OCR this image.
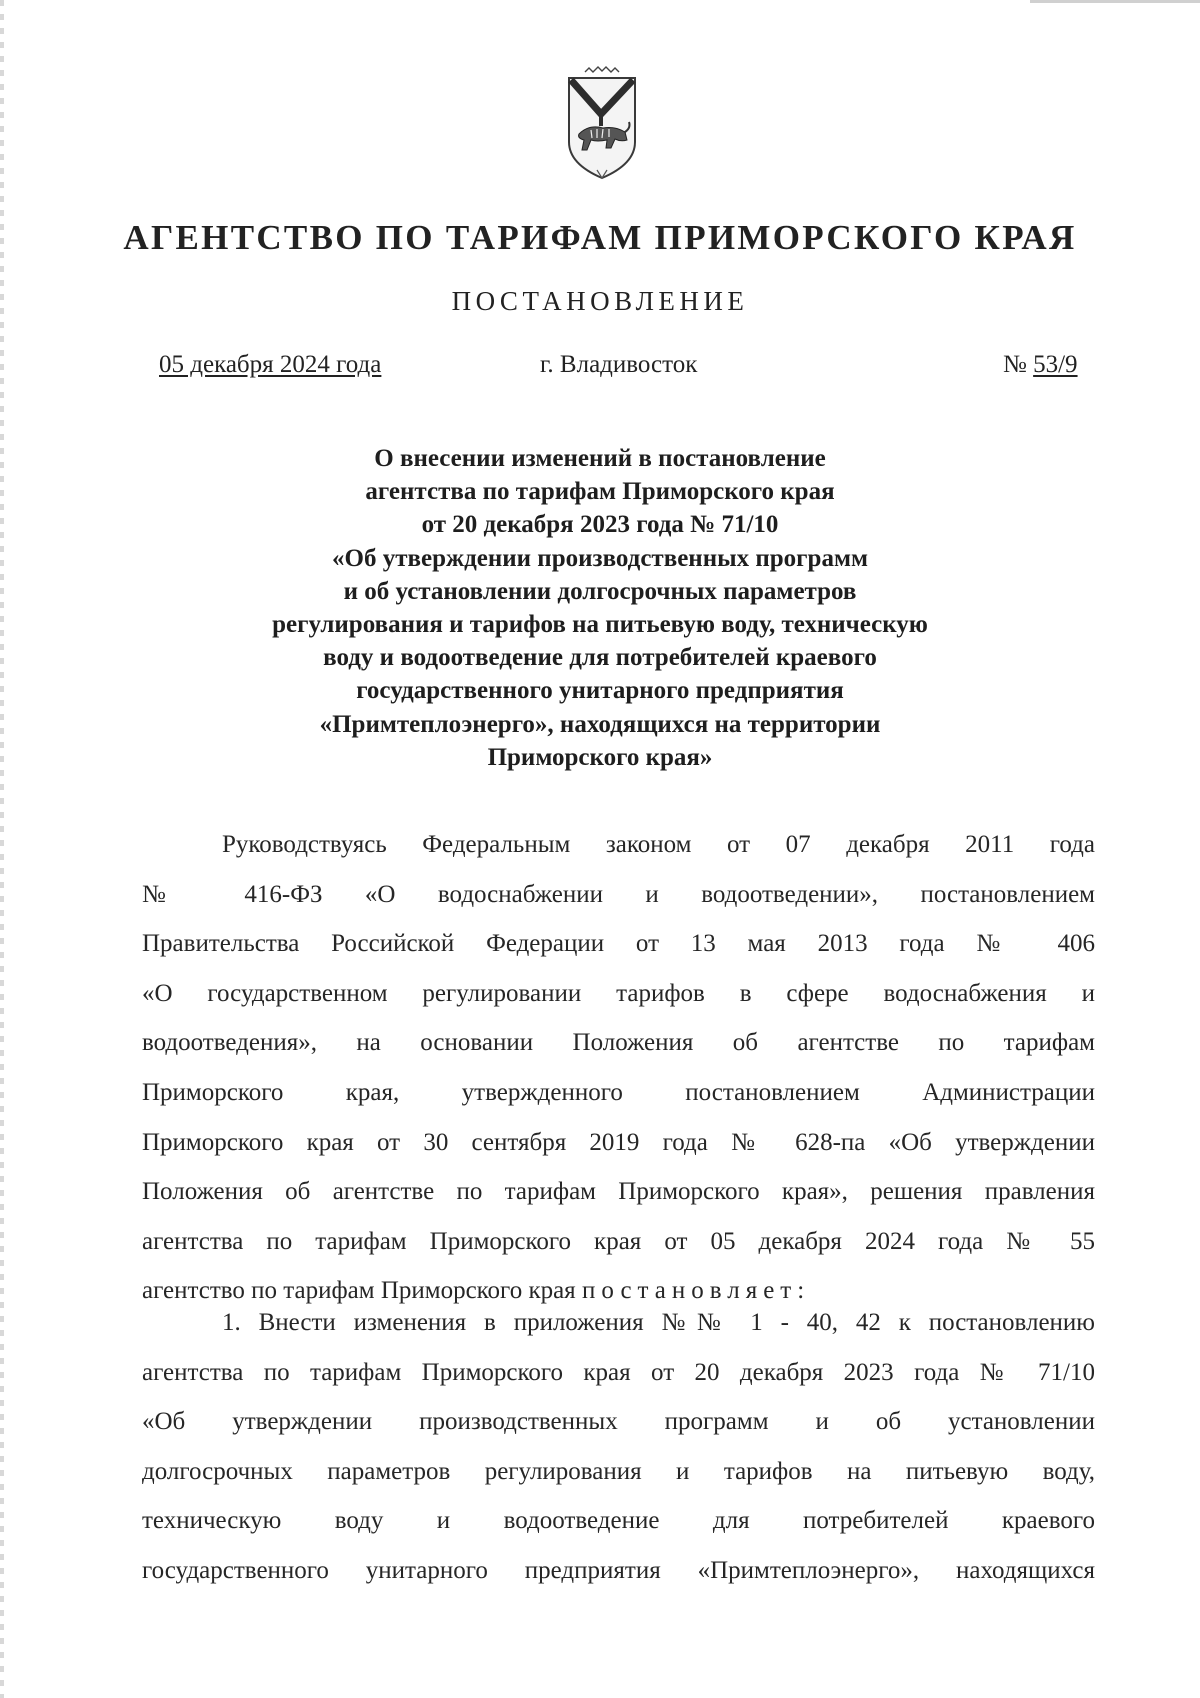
АГЕНТСТВО ПО ТАРИФАМ ПРИМОРСКОГО КРАЯ
ПОСТАНОВЛЕНИЕ
05 декабря 2024 года	г. Владивосток	№ 53/9
О внесении изменений в постановление
агентства по тарифам Приморского края
от 20 декабря 2023 года № 71/10
«Об утверждении производственных программ
и об установлении долгосрочных параметров
регулирования и тарифов на питьевую воду, техническую
воду и водоотведение для потребителей краевого
государственного унитарного предприятия
«Примтеплоэнерго», находящихся на территории
Приморского края»
Руководствуясь Федеральным законом от 07 декабря 2011 года
№ 416-ФЗ «О водоснабжении и водоотведении», постановлением
Правительства Российской Федерации от 13 мая 2013 года № 406
«О государственном регулировании тарифов в сфере водоснабжения и
водоотведения», на основании Положения об агентстве по тарифам
Приморского края, утвержденного постановлением Администрации
Приморского края от 30 сентября 2019 года № 628-па «Об утверждении
Положения об агентстве по тарифам Приморского края», решения правления
агентства по тарифам Приморского края от 05 декабря 2024 года № 55
агентство по тарифам Приморского края постановляет:
1. Внести изменения в приложения №№ 1 - 40, 42 к постановлению
агентства по тарифам Приморского края от 20 декабря 2023 года № 71/10
«Об утверждении производственных программ и об установлении
долгосрочных параметров регулирования и тарифов на питьевую воду,
техническую воду и водоотведение для потребителей краевого
государственного унитарного предприятия «Примтеплоэнерго», находящихся
